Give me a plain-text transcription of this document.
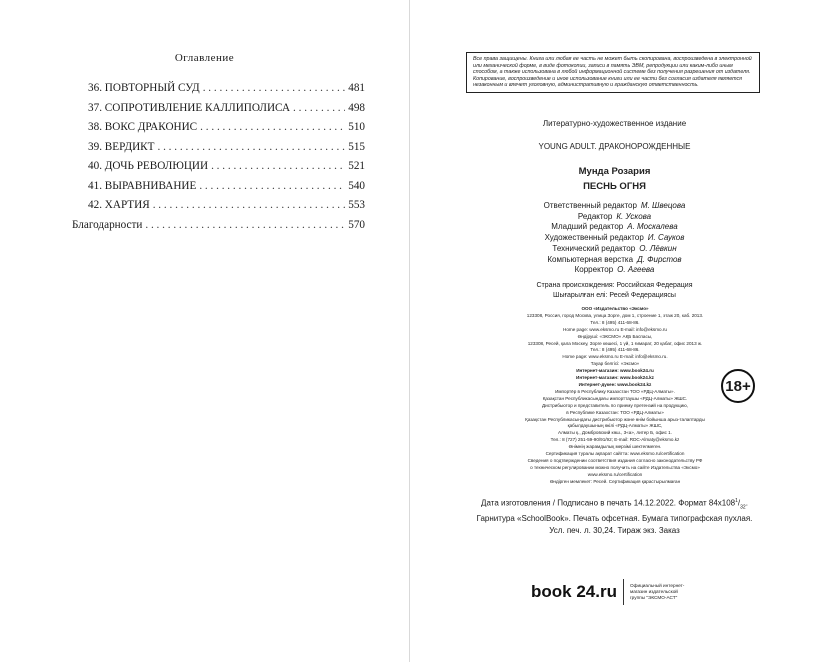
Оглавление
36. ПОВТОРНЫЙ СУД . . .	481
37. СОПРОТИВЛЕНИЕ КАЛЛИПОЛИСА . . .	498
38. ВОКС ДРАКОНИС . . .	510
39. ВЕРДИКТ . . .	515
40. ДОЧЬ РЕВОЛЮЦИИ . . .	521
41. ВЫРАВНИВАНИЕ . . .	540
42. ХАРТИЯ . . .	553
Благодарности . . .	570
Все права защищены. Книга или любая ее часть не может быть скопирована, воспроизведена в электронной или механической форме, в виде фотокопии, записи в память ЭВМ, репродукции или каким-либо иным способом, а также использована в любой информационной системе без получения разрешения от издателя. Копирование, воспроизведение и иное использование книги или ее части без согласия издателя является незаконным и влечет уголовную, административную и гражданскую ответственность.
Литературно-художественное издание
YOUNG ADULT. ДРАКОНОРОЖДЕННЫЕ
Мунда Розария
ПЕСНЬ ОГНЯ
Ответственный редактор М. Швецова
Редактор К. Ускова
Младший редактор А. Москалева
Художественный редактор И. Сауков
Технический редактор О. Лёвкин
Компьютерная верстка Д. Фирстов
Корректор О. Агеева
Страна происхождения: Российская Федерация
Шығарылған елі: Ресей Федерациясы
ООО «Издательство «Эксмо»
123308, Россия, город Москва, улица Зорге, дом 1, строение 1, этаж 20, каб. 2013.
Тел.: 8 (495) 411-68-86.
Home page: www.eksmo.ru E-mail: info@eksmo.ru
Өндіруші: «ЭКСМО» АҚБ Баспасы,
123308, Ресей, қала Мәскеу, Зорге көшесі, 1 үй, 1 ғимарат, 20 қабат, офис 2013 ж.
Тел.: 8 (495) 411-68-86.
Home page: www.eksmo.ru E-mail: info@eksmo.ru.
Тауар белгісі: «Эксмо»
Интернет-магазин: www.book24.ru
Интернет-магазин: www.book24.kz
Интернет-дүкен: www.book24.kz
Импортёр в Республику Казахстан ТОО «РДЦ-Алматы».
Қазақстан Республикасындағы импорттаушы «РДЦ-Алматы» ЖШС.
Дистрибьютор и представитель по приему претензий на продукцию,
в Республике Казахстан: ТОО «РДЦ-Алматы»
Қазақстан Республикасындағы дистрибьютор және өнім бойынша арыз-талаптарды
қабылдаушының өкілі «РДЦ-Алматы» ЖШС,
Алматы қ., Домбровский көш., 3«а», литер Б, офис 1.
Тел.: 8 (727) 251-59-90/91/92; E-mail: RDC-Almaty@eksmo.kz
Өнімнің жарамдылық мерзімі шектелмеген.
Сертификация туралы ақпарат сайтта: www.eksmo.ru/certification
Сведения о подтверждении соответствия издания согласно законодательству РФ
о техническом регулировании можно получить на сайте Издательства «Эксмо»
www.eksmo.ru/certification
Өндірген мемлекет: Ресей. Сертификация қарастырылмаған
18+
Дата изготовления / Подписано в печать 14.12.2022. Формат $84x108^1/_{32}$.
Гарнитура «SchoolBook». Печать офсетная. Бумага типографская пухлая.
Усл. печ. л. 30,24. Тираж экз. Заказ
book 24.ru	Официальный интернет-магазин издательской группы "ЭКСМО-АСТ"
